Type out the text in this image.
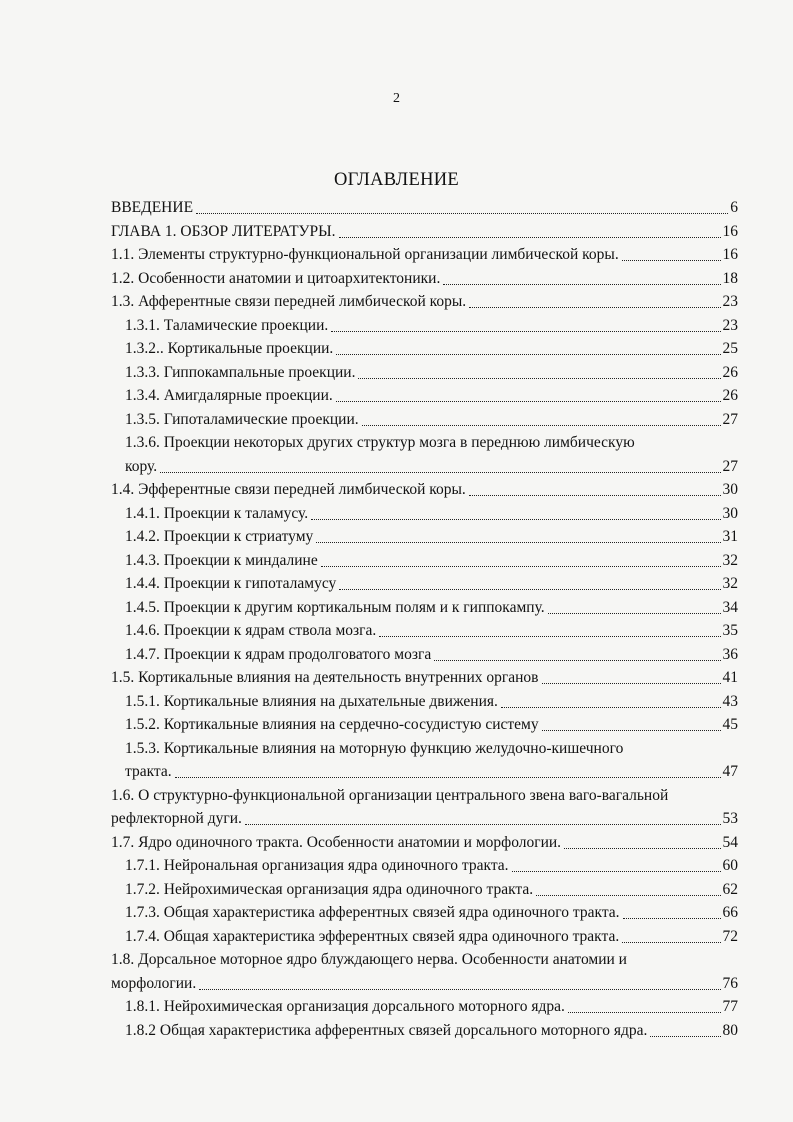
2
ОГЛАВЛЕНИЕ
ВВЕДЕНИЕ	6
ГЛАВА 1. ОБЗОР ЛИТЕРАТУРЫ.	16
1.1. Элементы структурно-функциональной организации лимбической коры.	16
1.2. Особенности анатомии и цитоархитектоники.	18
1.3. Афферентные связи передней лимбической коры.	23
1.3.1. Таламические проекции.	23
1.3.2.. Кортикальные проекции.	25
1.3.3. Гиппокампальные проекции.	26
1.3.4. Амигдалярные проекции.	26
1.3.5. Гипоталамические проекции.	27
1.3.6. Проекции некоторых других структур мозга в переднюю лимбическую
кору.	27
1.4. Эфферентные связи передней лимбической коры.	30
1.4.1. Проекции к таламусу.	30
1.4.2. Проекции к стриатуму	31
1.4.3. Проекции к миндалине	32
1.4.4. Проекции к гипоталамусу	32
1.4.5. Проекции к другим кортикальным полям и к гиппокампу.	34
1.4.6. Проекции к ядрам ствола мозга.	35
1.4.7. Проекции к ядрам продолговатого мозга	36
1.5. Кортикальные влияния на деятельность внутренних органов	41
1.5.1. Кортикальные влияния на дыхательные движения.	43
1.5.2. Кортикальные влияния на сердечно-сосудистую систему	45
1.5.3. Кортикальные влияния на моторную функцию желудочно-кишечного
тракта.	47
1.6. О структурно-функциональной организации центрального звена ваго-вагальной
рефлекторной дуги.	53
1.7. Ядро одиночного тракта. Особенности анатомии и морфологии.	54
1.7.1. Нейрональная организация ядра одиночного тракта.	60
1.7.2. Нейрохимическая организация ядра одиночного тракта.	62
1.7.3. Общая характеристика афферентных связей ядра одиночного тракта.	66
1.7.4. Общая характеристика эфферентных связей ядра одиночного тракта.	72
1.8. Дорсальное моторное ядро блуждающего нерва. Особенности анатомии и
морфологии.	76
1.8.1. Нейрохимическая организация дорсального моторного ядра.	77
1.8.2 Общая характеристика афферентных связей дорсального моторного ядра.	80
